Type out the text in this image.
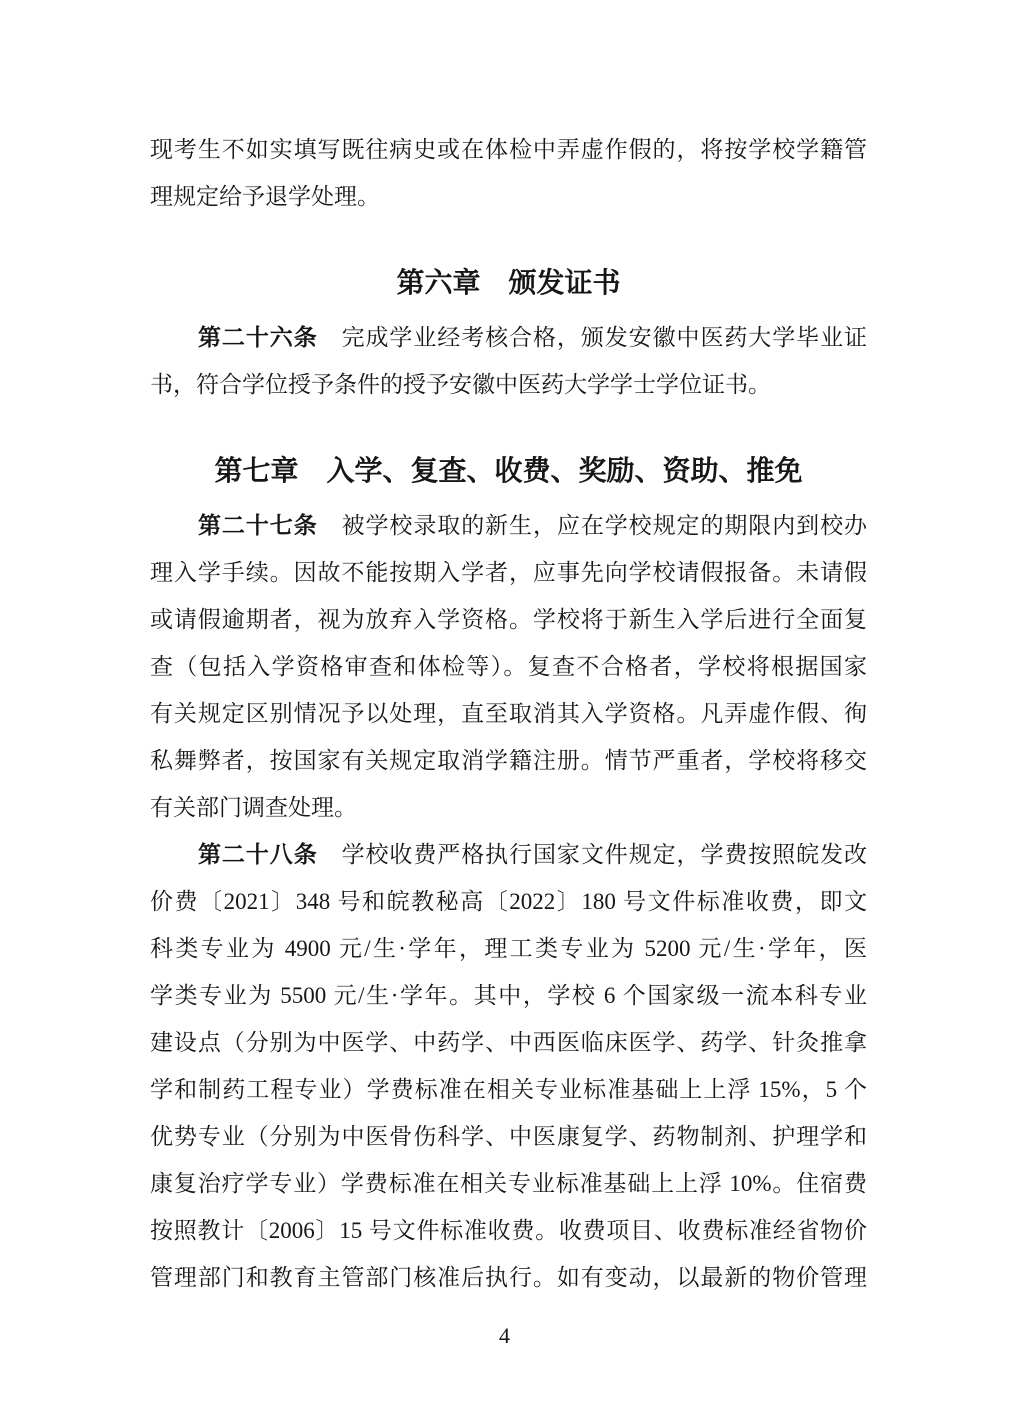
现考生不如实填写既往病史或在体检中弄虚作假的，将按学校学籍管
理规定给予退学处理。
第六章　颁发证书
第二十六条　完成学业经考核合格，颁发安徽中医药大学毕业证
书，符合学位授予条件的授予安徽中医药大学学士学位证书。
第七章　入学、复查、收费、奖励、资助、推免
第二十七条　被学校录取的新生，应在学校规定的期限内到校办
理入学手续。因故不能按期入学者，应事先向学校请假报备。未请假
或请假逾期者，视为放弃入学资格。学校将于新生入学后进行全面复
查（包括入学资格审查和体检等）。复查不合格者，学校将根据国家
有关规定区别情况予以处理，直至取消其入学资格。凡弄虚作假、徇
私舞弊者，按国家有关规定取消学籍注册。情节严重者，学校将移交
有关部门调查处理。
第二十八条　学校收费严格执行国家文件规定，学费按照皖发改
价费〔2021〕348 号和皖教秘高〔2022〕180 号文件标准收费，即文
科类专业为 4900 元/生·学年，理工类专业为 5200 元/生·学年，医
学类专业为 5500 元/生·学年。其中，学校 6 个国家级一流本科专业
建设点（分别为中医学、中药学、中西医临床医学、药学、针灸推拿
学和制药工程专业）学费标准在相关专业标准基础上上浮 15%，5 个
优势专业（分别为中医骨伤科学、中医康复学、药物制剂、护理学和
康复治疗学专业）学费标准在相关专业标准基础上上浮 10%。住宿费
按照教计〔2006〕15 号文件标准收费。收费项目、收费标准经省物价
管理部门和教育主管部门核准后执行。如有变动，以最新的物价管理
4
